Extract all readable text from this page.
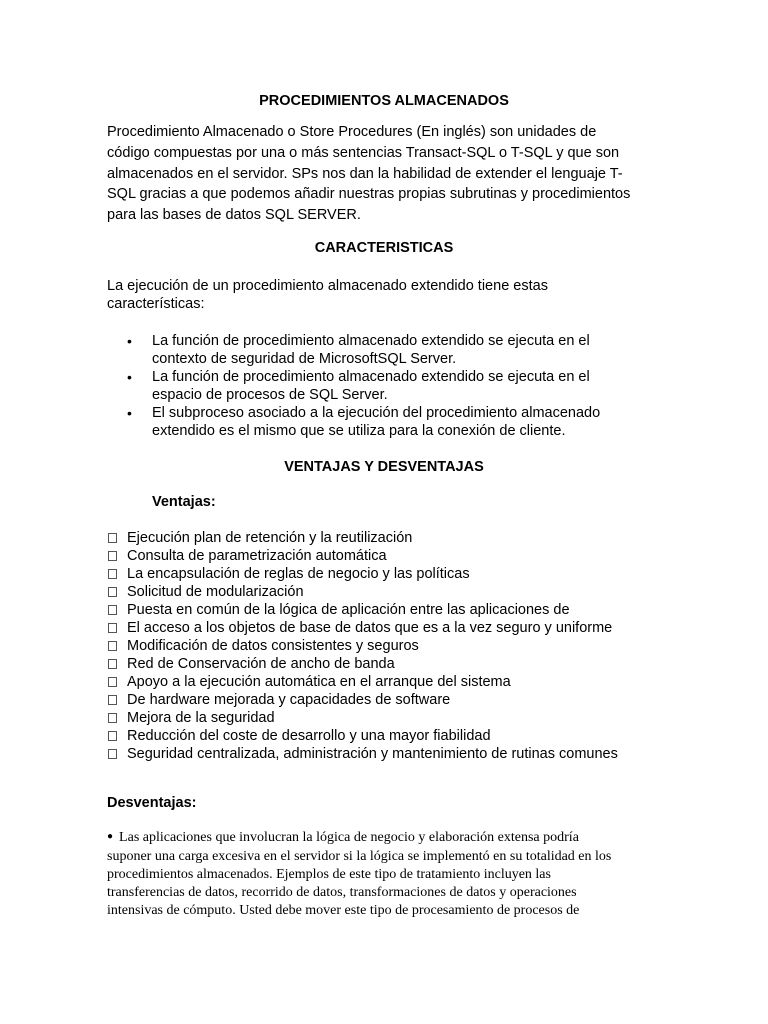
PROCEDIMIENTOS ALMACENADOS
Procedimiento Almacenado o Store Procedures (En inglés) son unidades de
código compuestas por una o más sentencias Transact-SQL o T-SQL y que son
almacenados en el servidor. SPs nos dan la habilidad de extender el lenguaje T-
SQL gracias a que podemos añadir nuestras propias subrutinas y procedimientos
para las bases de datos SQL SERVER.
CARACTERISTICAS
La ejecución de un procedimiento almacenado extendido tiene estas
características:
• La función de procedimiento almacenado extendido se ejecuta en el
contexto de seguridad de MicrosoftSQL Server.
• La función de procedimiento almacenado extendido se ejecuta en el
espacio de procesos de SQL Server.
• El subproceso asociado a la ejecución del procedimiento almacenado
extendido es el mismo que se utiliza para la conexión de cliente.
VENTAJAS Y DESVENTAJAS
Ventajas:
Ejecución plan de retención y la reutilización
Consulta de parametrización automática
La encapsulación de reglas de negocio y las políticas
Solicitud de modularización
Puesta en común de la lógica de aplicación entre las aplicaciones de
El acceso a los objetos de base de datos que es a la vez seguro y uniforme
Modificación de datos consistentes y seguros
Red de Conservación de ancho de banda
Apoyo a la ejecución automática en el arranque del sistema
De hardware mejorada y capacidades de software
Mejora de la seguridad
Reducción del coste de desarrollo y una mayor fiabilidad
Seguridad centralizada, administración y mantenimiento de rutinas comunes
Desventajas:
● Las aplicaciones que involucran la lógica de negocio y elaboración extensa podría
suponer una carga excesiva en el servidor si la lógica se implementó en su totalidad en los
procedimientos almacenados. Ejemplos de este tipo de tratamiento incluyen las
transferencias de datos, recorrido de datos, transformaciones de datos y operaciones
intensivas de cómputo. Usted debe mover este tipo de procesamiento de procesos de
